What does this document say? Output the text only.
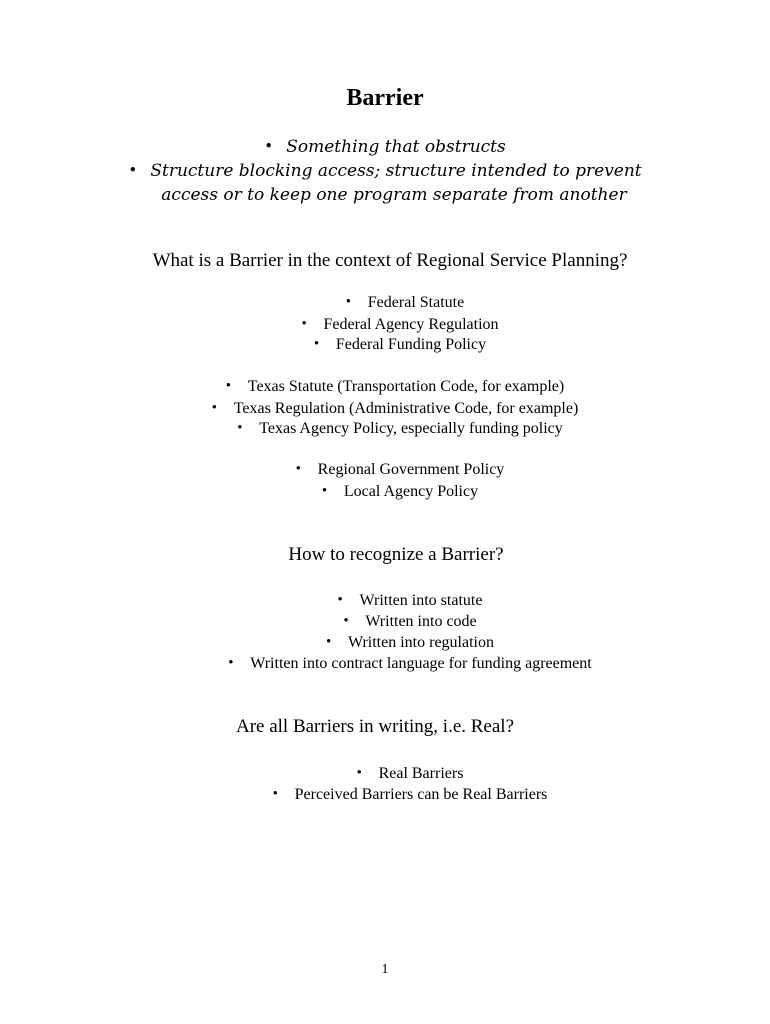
Barrier
• Something that obstructs
• Structure blocking access; structure intended to prevent
access or to keep one program separate from another
What is a Barrier in the context of Regional Service Planning?
• Federal Statute
• Federal Agency Regulation
• Federal Funding Policy
• Texas Statute (Transportation Code, for example)
• Texas Regulation (Administrative Code, for example)
• Texas Agency Policy, especially funding policy
• Regional Government Policy
• Local Agency Policy
How to recognize a Barrier?
• Written into statute
• Written into code
• Written into regulation
• Written into contract language for funding agreement
Are all Barriers in writing, i.e. Real?
• Real Barriers
• Perceived Barriers can be Real Barriers
1
